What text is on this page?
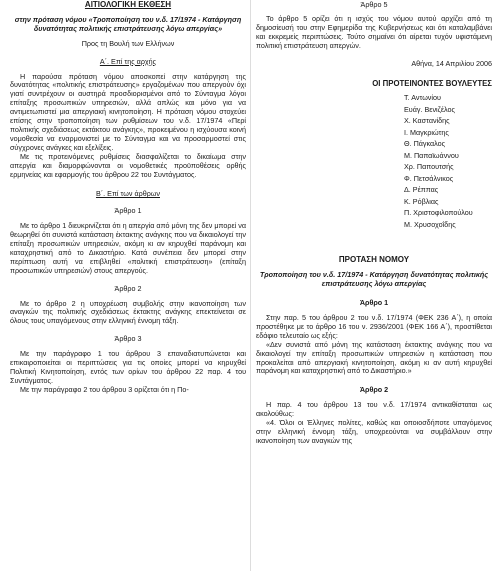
ΑΙΤΙΟΛΟΓΙΚΗ ΕΚΘΕΣΗ

στην πρόταση νόμου «Τροποποίηση του ν.δ. 17/1974 - Κατάργηση δυνατότητας πολιτικής επιστράτευσης λόγω απεργίας»

Προς τη Βουλή των Ελλήνων

Α΄. Επί της αρχής

Η παρούσα πρόταση νόμου αποσκοπεί στην κατάργηση της δυνατότητας «πολιτικής επιστράτευσης» εργαζομένων που απεργούν όχι γιατί συντρέχουν οι αυστηρά προσδιορισμένοι από το Σύνταγμα λόγοι επίταξης προσωπικών υπηρεσιών, αλλά απλώς και μόνο για να αντιμετωπιστεί μια απεργιακή κινητοποίηση. Η πρόταση νόμου στοχεύει επίσης στην τροποποίηση των ρυθμίσεων του ν.δ. 17/1974 «Περί πολιτικής σχεδιάσεως εκτάκτου ανάγκης», προκειμένου η ισχύουσα κοινή νομοθεσία να εναρμονιστεί με το Σύνταγμα και να προσαρμοστεί στις σύγχρονες ανάγκες και εξελίξεις.

Με τις προτεινόμενες ρυθμίσεις διασφαλίζεται το δικαίωμα στην απεργία και διαμορφώνονται οι νομοθετικές προϋποθέσεις ορθής ερμηνείας και εφαρμογής του άρθρου 22 του Συντάγματος.

Β΄. Επί των άρθρων

Άρθρο 1

Με το άρθρο 1 διευκρινίζεται ότι η απεργία από μόνη της δεν μπορεί να θεωρηθεί ότι συνιστά κατάσταση έκτακτης ανάγκης που να δικαιολογεί την επίταξη προσωπικών υπηρεσιών, ακόμη κι αν κηρυχθεί παράνομη και καταχρηστική από το Δικαστήριο. Κατά συνέπεια δεν μπορεί στην περίπτωση αυτή να επιβληθεί «πολιτική επιστράτευση» (επίταξη προσωπικών υπηρεσιών) στους απεργούς.

Άρθρο 2

Με το άρθρο 2 η υποχρέωση συμβολής στην ικανοποίηση των αναγκών της πολιτικής σχεδιάσεως έκτακτης ανάγκης επεκτείνεται σε όλους τους υπαγόμενους στην ελληνική έννομη τάξη.

Άρθρο 3

Με την παράγραφο 1 του άρθρου 3 επαναδιατυπώνεται και επικαιροποιείται οι περιπτώσεις για τις οποίες μπορεί να κηρυχθεί Πολιτική Κινητοποίηση, εντός των ορίων του άρθρου 22 παρ. 4 του Συντάγματος.

Με την παράγραφο 2 του άρθρου 3 ορίζεται ότι η Πο-

Άρθρο 5

Το άρθρο 5 ορίζει ότι η ισχύς του νόμου αυτού αρχίζει από τη δημοσίευσή του στην Εφημερίδα της Κυβερνήσεως και ότι καταλαμβάνει και εκκρεμείς περιπτώσεις. Τούτο σημαίνει ότι αίρεται τυχόν υφιστάμενη πολιτική επιστράτευση απεργών.

Αθήνα, 14 Απριλίου 2006

ΟΙ ΠΡΟΤΕΙΝΟΝΤΕΣ ΒΟΥΛΕΥΤΕΣ

Τ. Αντωνίου

Ευάγ. Βενιζέλος

Χ. Καστανίδης

Ι. Μαγκριώτης

Θ. Πάγκαλος

Μ. Παπαϊωάννου

Χρ. Παπουτσής

Φ. Πετσάλνικος

Δ. Ρέππας

Κ. Ρόβλιας

Π. Χριστοφιλοπούλου

Μ. Χρυσοχοΐδης

ΠΡΟΤΑΣΗ ΝΟΜΟΥ

Τροποποίηση του ν.δ. 17/1974 - Κατάργηση δυνατότητας πολιτικής επιστράτευσης λόγω απεργίας

Άρθρο 1

Στην παρ. 5 του άρθρου 2 του ν.δ. 17/1974 (ΦΕΚ 236 Α΄), η οποία προστέθηκε με το άρθρο 16 του ν. 2936/2001 (ΦΕΚ 166 Α΄), προστίθεται εδάφιο τελευταίο ως εξής:

«Δεν συνιστά από μόνη της κατάσταση έκτακτης ανάγκης που να δικαιολογεί την επίταξη προσωπικών υπηρεσιών η κατάσταση που προκαλείται από απεργιακή κινητοποίηση, ακόμη κι αν αυτή κηρυχθεί παράνομη και καταχρηστική από το Δικαστήριο.»

Άρθρο 2

Η παρ. 4 του άρθρου 13 του ν.δ. 17/1974 αντικαθίσταται ως ακολούθως:

«4. Όλοι οι Έλληνες πολίτες, καθώς και οποιοσδήποτε υπαγόμενος στην ελληνική έννομη τάξη, υποχρεούνται να συμβάλλουν στην ικανοποίηση των αναγκών της
